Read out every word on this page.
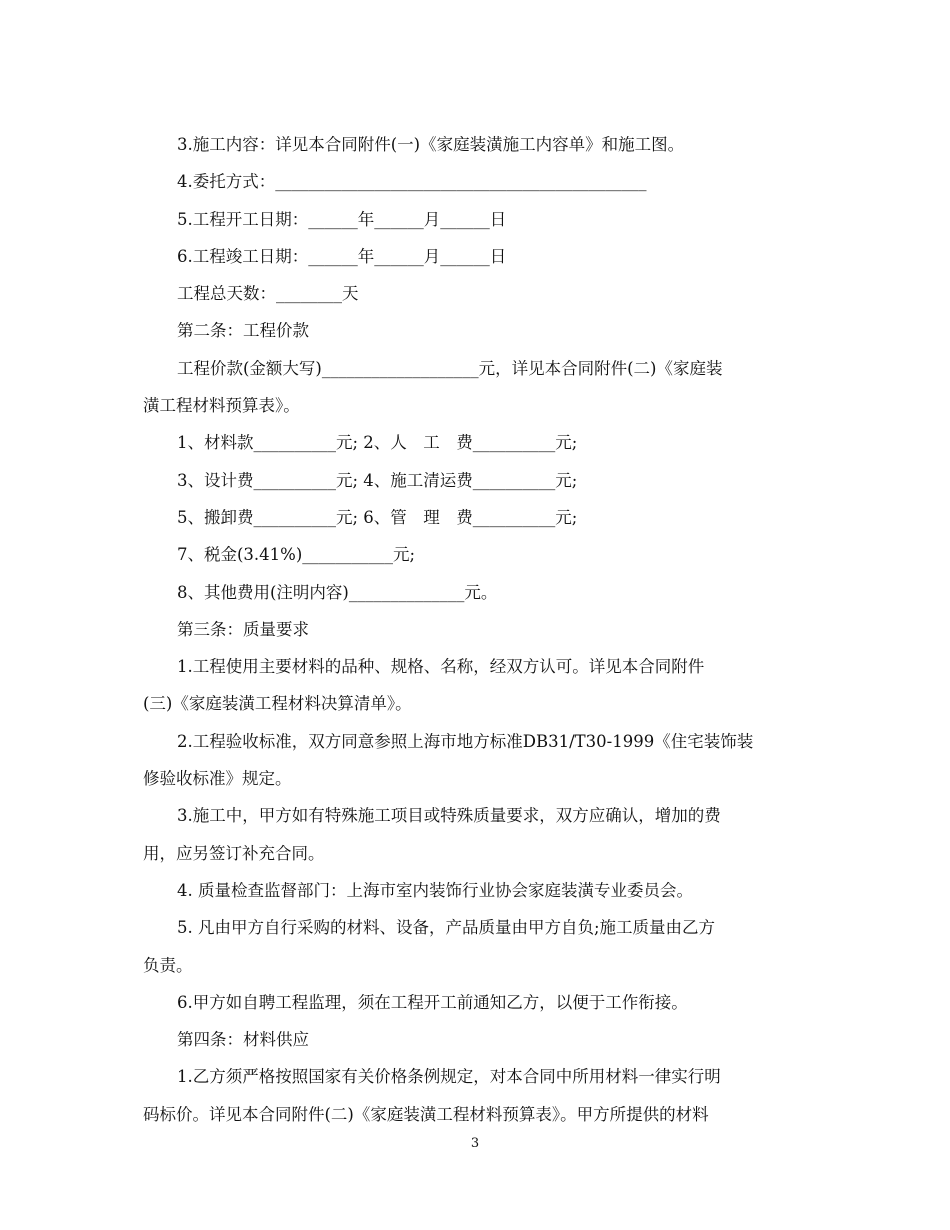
3.施工内容：详见本合同附件(一)《家庭装潢施工内容单》和施工图。

4.委托方式：_____________________________________________

5.工程开工日期：______年______月______日

6.工程竣工日期：______年______月______日

工程总天数：________天

第二条：工程价款

工程价款(金额大写)___________________元，详见本合同附件(二)《家庭装

潢工程材料预算表》。

1、材料款__________元; 2、人　工　费__________元;

3、设计费__________元; 4、施工清运费__________元;

5、搬卸费__________元; 6、管　理　费__________元;

7、税金(3.41%)___________元;

8、其他费用(注明内容)______________元。

第三条：质量要求

1.工程使用主要材料的品种、规格、名称，经双方认可。详见本合同附件

(三)《家庭装潢工程材料决算清单》。

2.工程验收标准，双方同意参照上海市地方标准DB31/T30-1999《住宅装饰装

修验收标准》规定。

3.施工中，甲方如有特殊施工项目或特殊质量要求，双方应确认，增加的费

用，应另签订补充合同。

4. 质量检查监督部门：上海市室内装饰行业协会家庭装潢专业委员会。

5. 凡由甲方自行采购的材料、设备，产品质量由甲方自负;施工质量由乙方

负责。

6.甲方如自聘工程监理，须在工程开工前通知乙方，以便于工作衔接。

第四条：材料供应

1.乙方须严格按照国家有关价格条例规定，对本合同中所用材料一律实行明

码标价。详见本合同附件(二)《家庭装潢工程材料预算表》。甲方所提供的材料

3
